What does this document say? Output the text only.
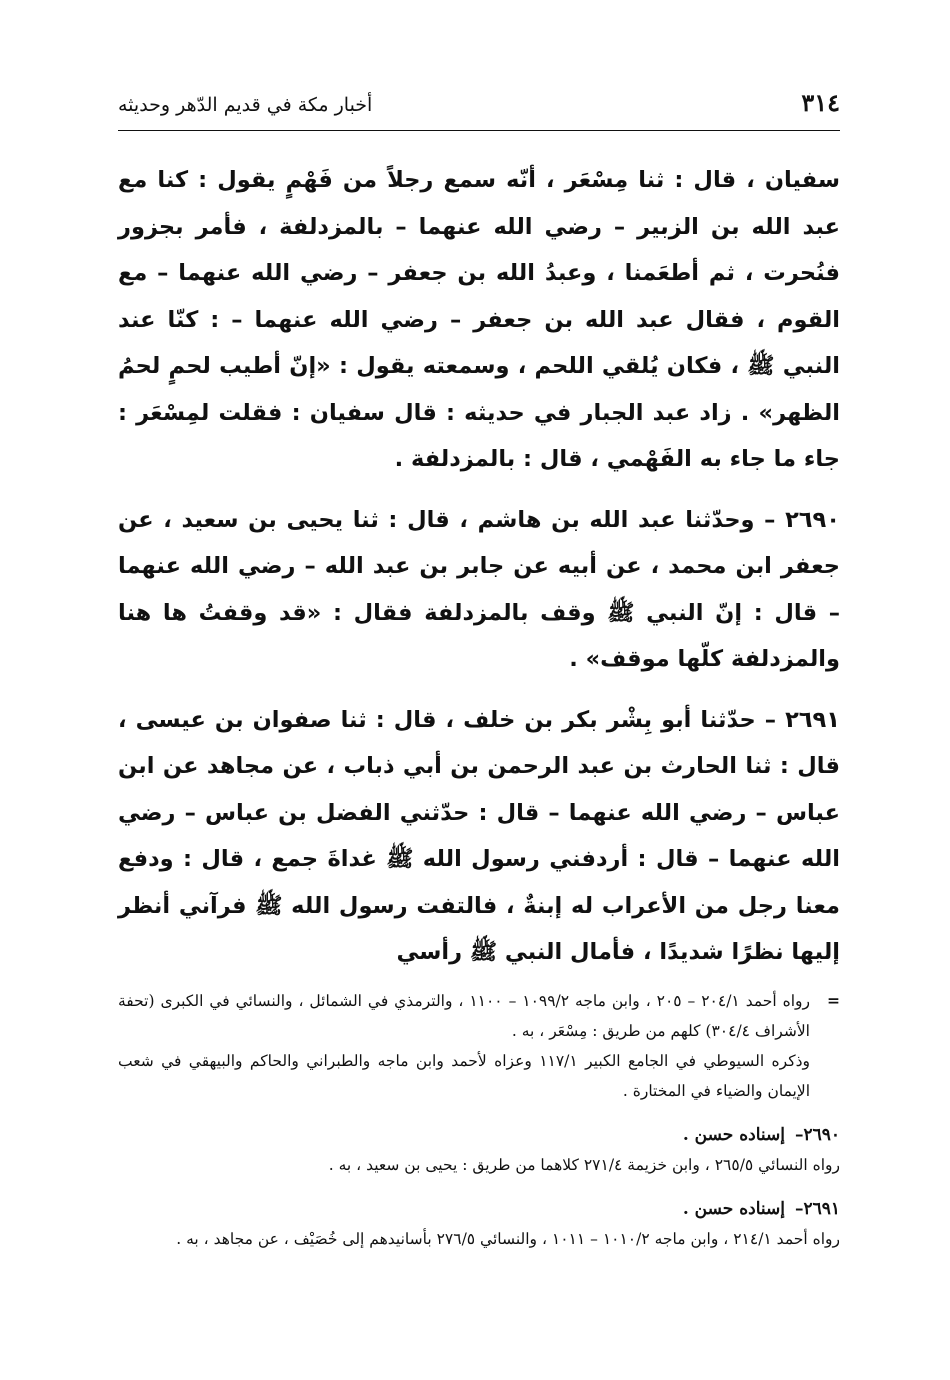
٣١٤
أخبار مكة في قديم الدّهر وحديثه

سفيان ، قال : ثنا مِسْعَر ، أنّه سمع رجلاً من فَهْمٍ يقول : كنا مع عبد الله بن الزبير – رضي الله عنهما – بالمزدلفة ، فأمر بجزور فنُحرت ، ثم أطعَمنا ، وعبدُ الله بن جعفر – رضي الله عنهما – مع القوم ، فقال عبد الله بن جعفر – رضي الله عنهما – : كنّا عند النبي ﷺ ، فكان يُلقي اللحم ، وسمعته يقول : «إنّ أطيب لحمٍ لحمُ الظهر» . زاد عبد الجبار في حديثه : قال سفيان : فقلت لمِسْعَر : جاء ما جاء به الفَهْمي ، قال : بالمزدلفة .

٢٦٩٠ – وحدّثنا عبد الله بن هاشم ، قال : ثنا يحيى بن سعيد ، عن جعفر ابن محمد ، عن أبيه عن جابر بن عبد الله – رضي الله عنهما – قال : إنّ النبي ﷺ وقف بالمزدلفة فقال : «قد وقفتُ ها هنا والمزدلفة كلّها موقف» .

٢٦٩١ – حدّثنا أبو بِشْر بكر بن خلف ، قال : ثنا صفوان بن عيسى ، قال : ثنا الحارث بن عبد الرحمن بن أبي ذباب ، عن مجاهد عن ابن عباس – رضي الله عنهما – قال : حدّثني الفضل بن عباس – رضي الله عنهما – قال : أردفني رسول الله ﷺ غداةَ جمع ، قال : ودفع معنا رجل من الأعراب له إبنةٌ ، فالتفت رسول الله ﷺ فرآني أنظر إليها نظرًا شديدًا ، فأمال النبي ﷺ رأسي

=
رواه أحمد ٢٠٤/١ – ٢٠٥ ، وابن ماجه ١٠٩٩/٢ – ١١٠٠ ، والترمذي في الشمائل ، والنسائي في الكبرى (تحفة الأشراف ٣٠٤/٤) كلهم من طريق : مِسْعَر ، به .
وذكره السيوطي في الجامع الكبير ١١٧/١ وعزاه لأحمد وابن ماجه والطبراني والحاكم والبيهقي في شعب الإيمان والضياء في المختارة .
٢٦٩٠–إسناده حسن .
رواه النسائي ٢٦٥/٥ ، وابن خزيمة ٢٧١/٤ كلاهما من طريق : يحيى بن سعيد ، به .
٢٦٩١–إسناده حسن .
رواه أحمد ٢١٤/١ ، وابن ماجه ١٠١٠/٢ – ١٠١١ ، والنسائي ٢٧٦/٥ بأسانيدهم إلى خُصَيْف ، عن مجاهد ، به .
